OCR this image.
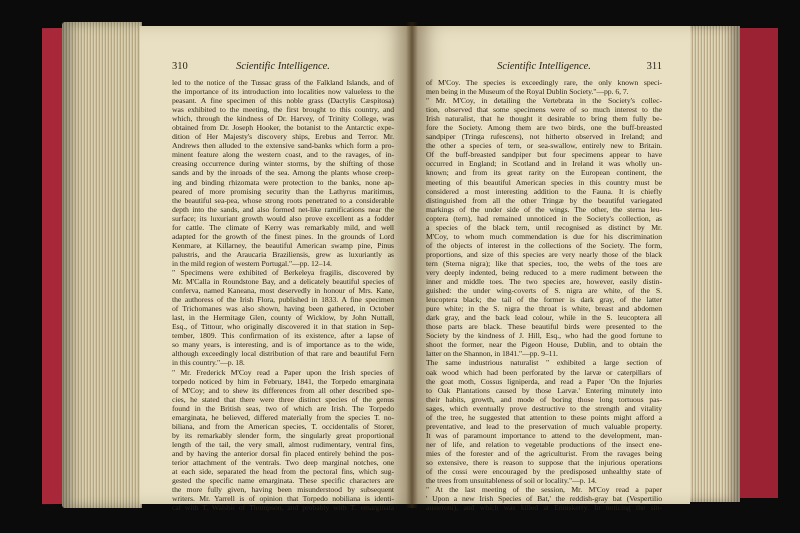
310	Scientific Intelligence.
led to the notice of the Tussac grass of the Falkland Islands, and of
the importance of its introduction into localities now valueless to the
peasant. A fine specimen of this noble grass (Dactylis Cæspitosa)
was exhibited to the meeting, the first brought to this country, and
which, through the kindness of Dr. Harvey, of Trinity College, was
obtained from Dr. Joseph Hooker, the botanist to the Antarctic expe-
dition of Her Majesty's discovery ships, Erebus and Terror. Mr.
Andrews then alluded to the extensive sand-banks which form a pro-
minent feature along the western coast, and to the ravages, of in-
creasing occurrence during winter storms, by the shifting of those
sands and by the inroads of the sea. Among the plants whose creep-
ing and binding rhizomata were protection to the banks, none ap-
peared of more promising security than the Lathyrus maritimus,
the beautiful sea-pea, whose strong roots penetrated to a considerable
depth into the sands, and also formed net-like ramifications near the
surface; its luxuriant growth would also prove excellent as a fodder
for cattle. The climate of Kerry was remarkably mild, and well
adapted for the growth of the finest pines. In the grounds of Lord
Kenmare, at Killarney, the beautiful American swamp pine, Pinus
palustris, and the Araucaria Braziliensis, grew as luxuriantly as
in the mild region of western Portugal."—pp. 12–14.
" Specimens were exhibited of Berkeleya fragilis, discovered by
Mr. M'Calla in Roundstone Bay, and a delicately beautiful species of
conferva, named Kaneana, most deservedly in honour of Mrs. Kane,
the authoress of the Irish Flora, published in 1833. A fine specimen
of Trichomanes was also shown, having been gathered, in October
last, in the Hermitage Glen, county of Wicklow, by John Nuttall,
Esq., of Tittour, who originally discovered it in that station in Sep-
tember, 1809. This confirmation of its existence, after a lapse of
so many years, is interesting, and is of importance as to the wide,
although exceedingly local distribution of that rare and beautiful Fern
in this country."—p. 18.
" Mr. Frederick M'Coy read a Paper upon the Irish species of
torpedo noticed by him in February, 1841, the Torpedo emarginata
of M'Coy; and to shew its differences from all other described spe-
cies, he stated that there were three distinct species of the genus
found in the British seas, two of which are Irish. The Torpedo
emarginata, he believed, differed materially from the species T. no-
biliana, and from the American species, T. occidentalis of Storer,
by its remarkably slender form, the singularly great proportional
length of the tail, the very small, almost rudimentary, ventral fins,
and by having the anterior dorsal fin placed entirely behind the pos-
terior attachment of the ventrals. Two deep marginal notches, one
at each side, separated the head from the pectoral fins, which sug-
gested the specific name emarginata. These specific characters are
the more fully given, having been misunderstood by subsequent
writers. Mr. Yarrell is of opinion that Torpedo nobiliana is identi-
cal with T. Walshii of Thompson, and probably with T. emarginata
Scientific Intelligence.	311
of M'Coy. The species is exceedingly rare, the only known speci-
men being in the Museum of the Royal Dublin Society."—pp. 6, 7.
" Mr. M'Coy, in detailing the Vertebrata in the Society's collec-
tion, observed that some specimens were of so much interest to the
Irish naturalist, that he thought it desirable to bring them fully be-
fore the Society. Among them are two birds, one the buff-breasted
sandpiper (Tringa rufescens), not hitherto observed in Ireland; and
the other a species of tern, or sea-swallow, entirely new to Britain.
Of the buff-breasted sandpiper but four specimens appear to have
occurred in England; in Scotland and in Ireland it was wholly un-
known; and from its great rarity on the European continent, the
meeting of this beautiful American species in this country must be
considered a most interesting addition to the Fauna. It is chiefly
distinguished from all the other Tringæ by the beautiful variegated
markings of the under side of the wings. The other, the sterna leu-
coptera (tern), had remained unnoticed in the Society's collection, as
a species of the black tern, until recognised as distinct by Mr.
M'Coy, to whom much commendation is due for his discrimination
of the objects of interest in the collections of the Society. The form,
proportions, and size of this species are very nearly those of the black
tern (Sterna nigra); like that species, too, the webs of the toes are
very deeply indented, being reduced to a mere rudiment between the
inner and middle toes. The two species are, however, easily distin-
guished: the under wing-coverts of S. nigra are white, of the S.
leucoptera black; the tail of the former is dark gray, of the latter
pure white; in the S. nigra the throat is white, breast and abdomen
dark gray, and the back lead colour, while in the S. leucoptera all
those parts are black. These beautiful birds were presented to the
Society by the kindness of J. Hill, Esq., who had the good fortune to
shoot the former, near the Pigeon House, Dublin, and to obtain the
latter on the Shannon, in 1841."—pp. 9–11.
The same industrious naturalist " exhibited a large section of
oak wood which had been perforated by the larvæ or caterpillars of
the goat moth, Cossus ligniperda, and read a Paper 'On the Injuries
to Oak Plantations caused by those Larvæ.' Entering minutely into
their habits, growth, and mode of boring those long tortuous pas-
sages, which eventually prove destructive to the strength and vitality
of the tree, he suggested that attention to these points might afford a
preventative, and lead to the preservation of much valuable property.
It was of paramount importance to attend to the development, man-
ner of life, and relation to vegetable productions of the insect ene-
mies of the forester and of the agriculturist. From the ravages being
so extensive, there is reason to suppose that the injurious operations
of the cossi were encouraged by the predisposed unhealthy state of
the trees from unsuitableness of soil or locality."—p. 14.
" At the last meeting of the session, Mr. M'Coy read a paper
' Upon a new Irish Species of Bat,' the reddish-gray bat (Vespertilio
austeroni), and which was killed at Enniskerry. In noticing the sin-
